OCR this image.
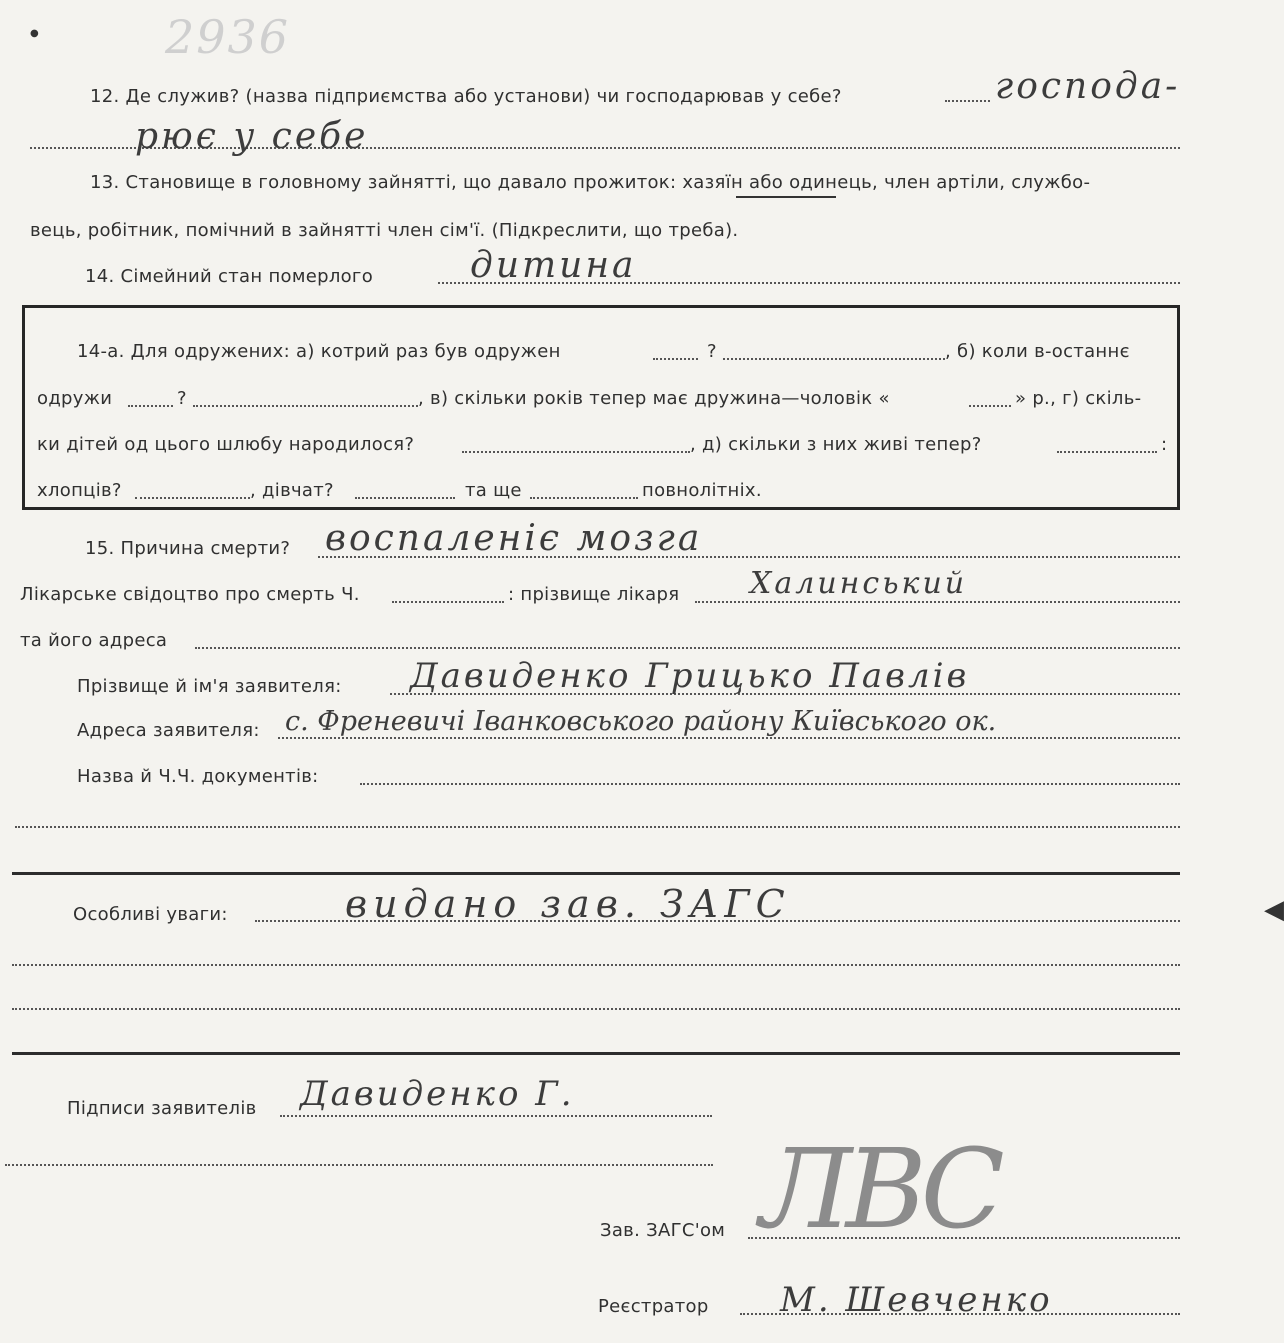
2936
●
12. Де служив? (назва підприємства або установи) чи господарював у себе?	господа-
рює у себе
13. Становище в головному зайнятті, що давало прожиток: хазяїн або одинець, член артіли, службо-
вець, робітник, помічний в зайнятті член сім'ї. (Підкреслити, що треба).
14. Сімейний стан померлого	дитина
14-а. Для одружених: а) котрий раз був одружен	?	, б) коли в-останнє
одружи	?	, в) скільки років тепер має дружина—чоловік «	» р., г) скіль-
ки дітей од цього шлюбу народилося?	, д) скільки з них живі тепер?	:
хлопців?	, дівчат?	та ще	повнолітніх.
15. Причина смерти? воспаленіє мозга
Лікарське свідоцтво про смерть Ч.	: прізвище лікаря Халинський
та його адреса
Прізвище й ім'я заявителя: Давиденко Грицько Павлів
Адреса заявителя: с. Френевичі Іванковського району Київського ок.
Назва й Ч.Ч. документів:
Особливі уваги:	видано зав. ЗАГС
Підписи заявителів Давиденко Г.
ЛВС
Зав. ЗАГС'ом
Реєстратор М. Шевченко
◀
